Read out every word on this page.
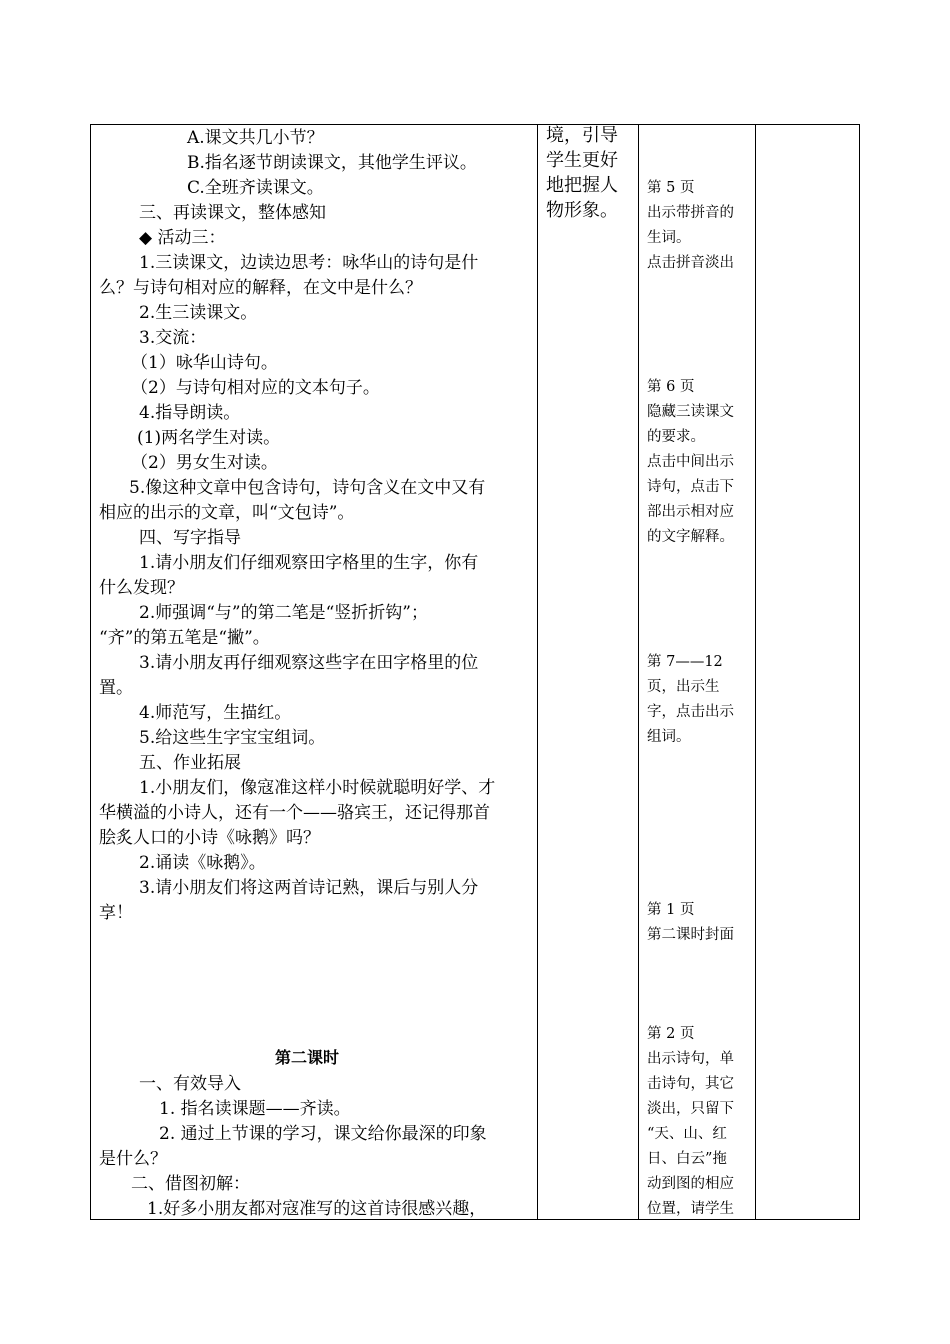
A.课文共几小节？
B.指名逐节朗读课文，其他学生评议。
C.全班齐读课文。
三、再读课文，整体感知
◆ 活动三：
1.三读课文，边读边思考：咏华山的诗句是什
么？与诗句相对应的解释，在文中是什么？
2.生三读课文。
3.交流：
（1）咏华山诗句。
（2）与诗句相对应的文本句子。
4.指导朗读。
(1)两名学生对读。
（2）男女生对读。
5.像这种文章中包含诗句，诗句含义在文中又有
相应的出示的文章，叫“文包诗”。
四、写字指导
1.请小朋友们仔细观察田字格里的生字，你有
什么发现？
2.师强调“与”的第二笔是“竖折折钩”；
“齐”的第五笔是“撇”。
3.请小朋友再仔细观察这些字在田字格里的位
置。
4.师范写，生描红。
5.给这些生字宝宝组词。
五、作业拓展
1.小朋友们，像寇准这样小时候就聪明好学、才
华横溢的小诗人，还有一个——骆宾王，还记得那首
脍炙人口的小诗《咏鹅》吗？
2.诵读《咏鹅》。
3.请小朋友们将这两首诗记熟，课后与别人分
享！
一、有效导入
1. 指名读课题——齐读。
2. 通过上节课的学习，课文给你最深的印象
是什么？
二、借图初解：
1.好多小朋友都对寇准写的这首诗很感兴趣，
第二课时
境，引导
学生更好
地把握人
物形象。
第 5 页
出示带拼音的
生词。
点击拼音淡出
第 6 页
隐藏三读课文
的要求。
点击中间出示
诗句，点击下
部出示相对应
的文字解释。
第 7——12
页，出示生
字，点击出示
组词。
第 1 页
第二课时封面
第 2 页
出示诗句，单
击诗句，其它
淡出，只留下
“天、山、红
日、白云”拖
动到图的相应
位置，请学生
